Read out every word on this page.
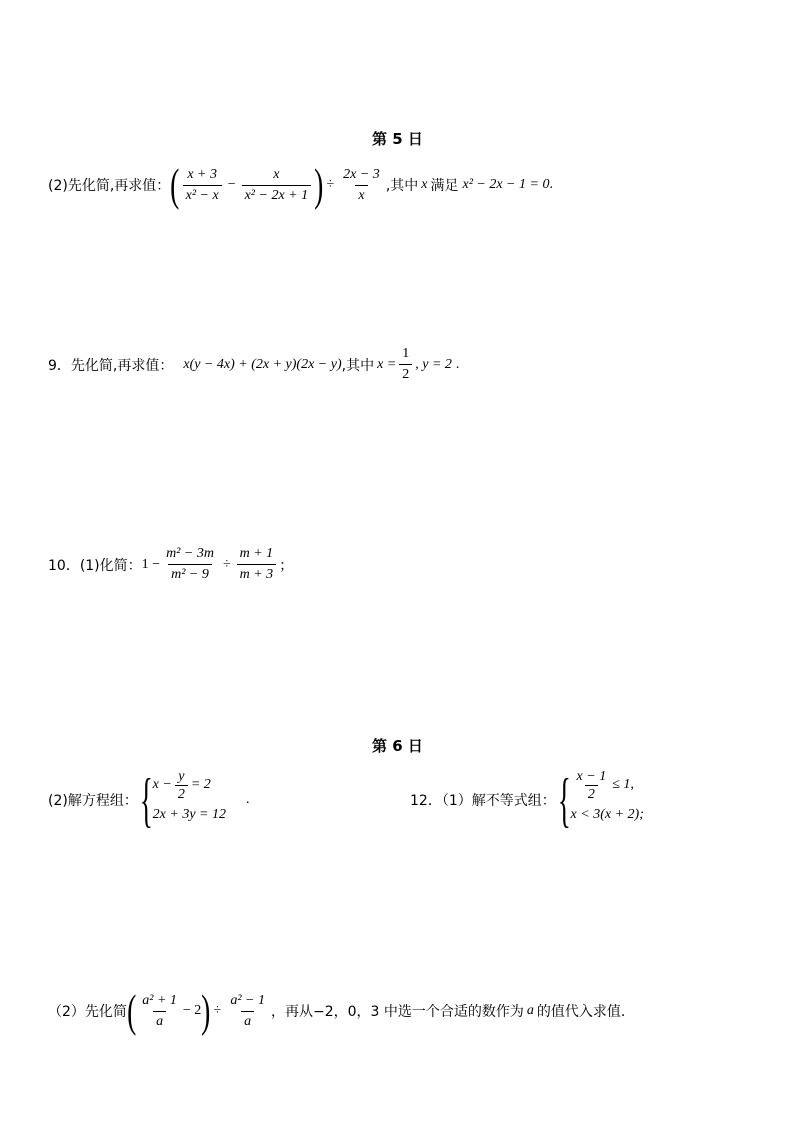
第 5 日
(2)先化简,再求值： ( $\frac{x + 3}{\text{x² − x}} - \frac{x}{\text{x² − 2x + 1}}$ ) ÷ $\frac{2x - 3}{x}$ ,其中 x 满足 x² − 2x − 1 = 0 .
9．先化简,再求值： x(y − 4x) + (2x + y)(2x − y) ,其中 $x = \frac{1}{2}$ , y = 2 .
10．(1)化简： $1 - \frac{\text{m² − 3m}}{\text{m² − 9}} \div \frac{m + 1}{m + 3}$ ；
第 6 日
(2)解方程组： { $x - \frac{y}{2} = 2$
2x + 3y = 12
.	12．（1）解不等式组： { $\frac{x - 1}{2} \le 1$,
x < 3(x + 2);
（2）先化简 ( $\frac{\text{a² + 1}}{a} - 2$ ) ÷ $\frac{\text{a² − 1}}{a}$ ，再从−2，0，3 中选一个合适的数作为 a 的值代入求值.
